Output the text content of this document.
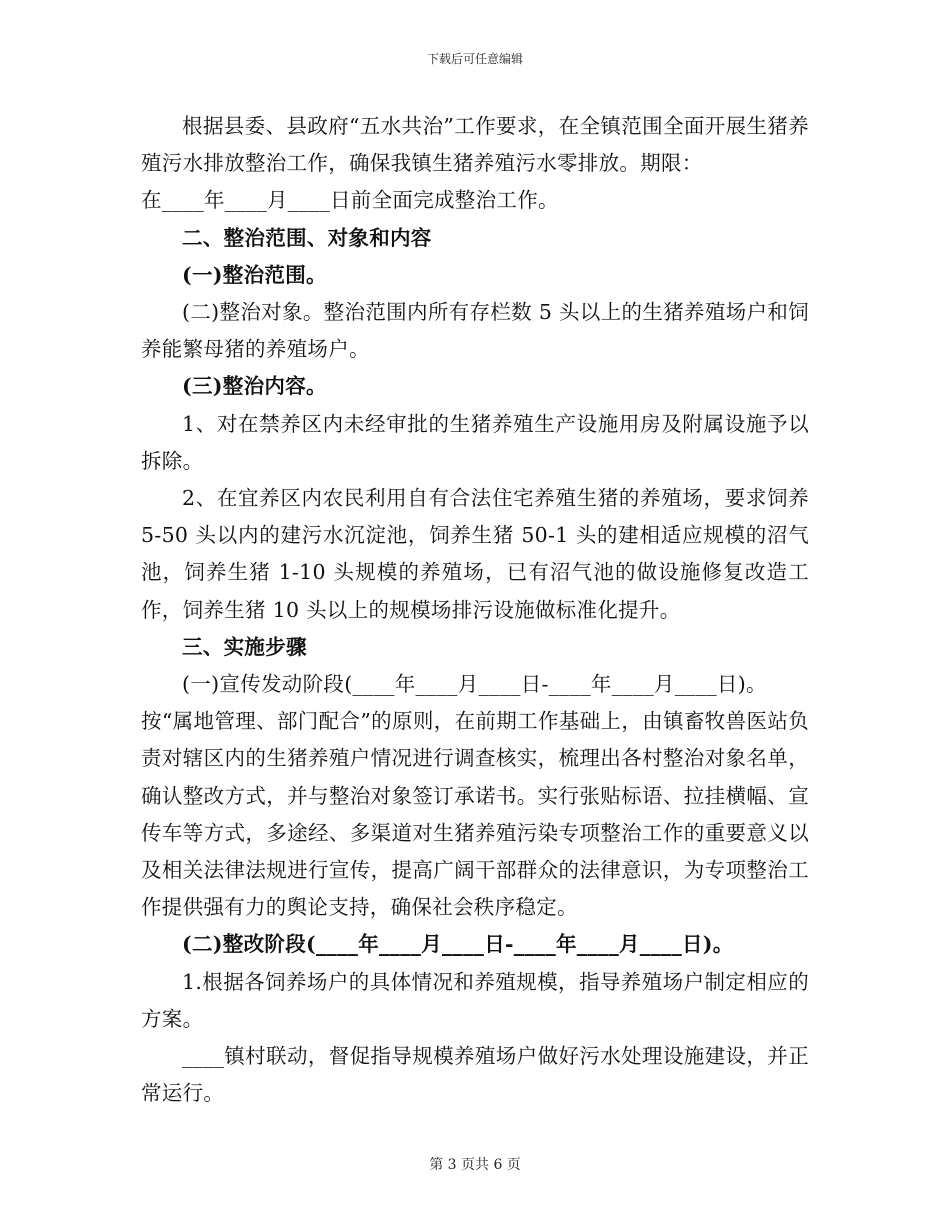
下载后可任意编辑

根据县委、县政府“五水共治”工作要求，在全镇范围全面开展生猪养殖污水排放整治工作，确保我镇生猪养殖污水零排放。期限：

在____年____月____日前全面完成整治工作。

二、整治范围、对象和内容

(一)整治范围。

(二)整治对象。整治范围内所有存栏数 5 头以上的生猪养殖场户和饲养能繁母猪的养殖场户。

(三)整治内容。

1、对在禁养区内未经审批的生猪养殖生产设施用房及附属设施予以拆除。

2、在宜养区内农民利用自有合法住宅养殖生猪的养殖场，要求饲养 5-50 头以内的建污水沉淀池，饲养生猪 50-1 头的建相适应规模的沼气池，饲养生猪 1-10 头规模的养殖场，已有沼气池的做设施修复改造工作，饲养生猪 10 头以上的规模场排污设施做标准化提升。

三、实施步骤

(一)宣传发动阶段(____年____月____日-____年____月____日)。

按“属地管理、部门配合”的原则，在前期工作基础上，由镇畜牧兽医站负责对辖区内的生猪养殖户情况进行调查核实，梳理出各村整治对象名单，确认整改方式，并与整治对象签订承诺书。实行张贴标语、拉挂横幅、宣传车等方式，多途经、多渠道对生猪养殖污染专项整治工作的重要意义以及相关法律法规进行宣传，提高广阔干部群众的法律意识，为专项整治工作提供强有力的舆论支持，确保社会秩序稳定。

(二)整改阶段(____年____月____日-____年____月____日)。

1.根据各饲养场户的具体情况和养殖规模，指导养殖场户制定相应的方案。

____镇村联动，督促指导规模养殖场户做好污水处理设施建设，并正常运行。

第 3 页共 6 页
